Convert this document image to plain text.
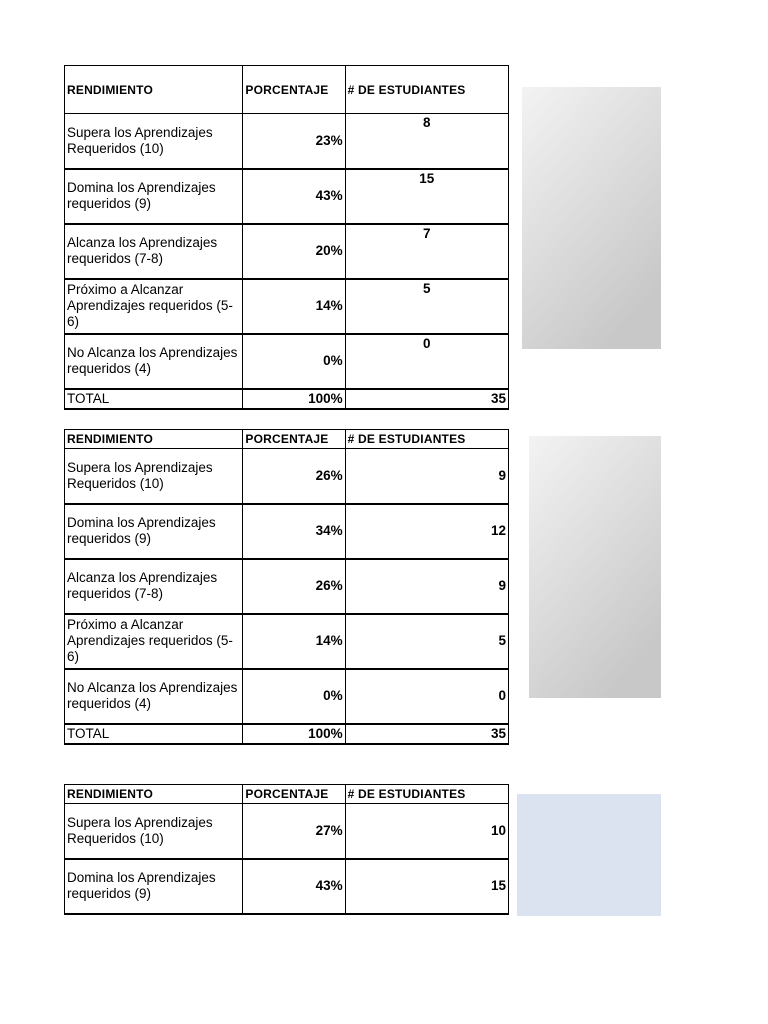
RENDIMIENTO	PORCENTAJE	# DE ESTUDIANTES
Supera los Aprendizajes Requeridos (10)	23%	8
Domina los Aprendizajes requeridos (9)	43%	15
Alcanza los Aprendizajes requeridos (7-8)	20%	7
Próximo a Alcanzar Aprendizajes requeridos (5-6)	14%	5
No Alcanza los Aprendizajes requeridos (4)	0%	0
TOTAL	100%	35
RENDIMIENTO	PORCENTAJE	# DE ESTUDIANTES
Supera los Aprendizajes Requeridos (10)	26%	9
Domina los Aprendizajes requeridos (9)	34%	12
Alcanza los Aprendizajes requeridos (7-8)	26%	9
Próximo a Alcanzar Aprendizajes requeridos (5-6)	14%	5
No Alcanza los Aprendizajes requeridos (4)	0%	0
TOTAL	100%	35
RENDIMIENTO	PORCENTAJE	# DE ESTUDIANTES
Supera los Aprendizajes Requeridos (10)	27%	10
Domina los Aprendizajes requeridos (9)	43%	15
